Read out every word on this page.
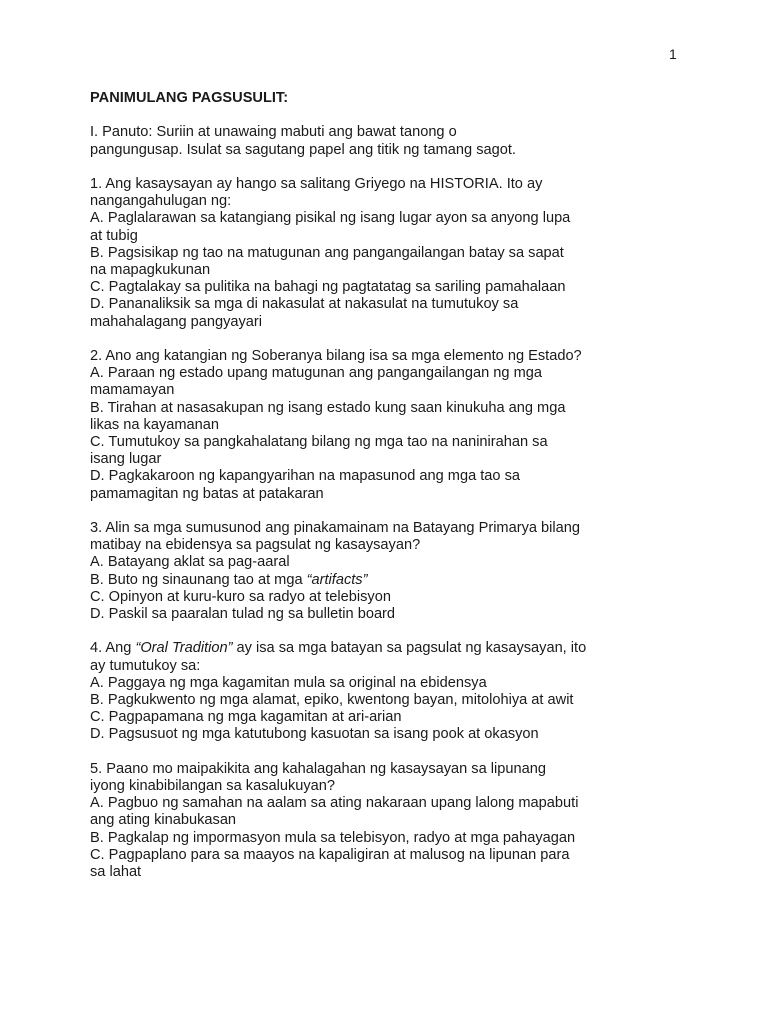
1
PANIMULANG PAGSUSULIT:
I. Panuto: Suriin at unawaing mabuti ang bawat tanong o
pangungusap. Isulat sa sagutang papel ang titik ng tamang sagot.
1. Ang kasaysayan ay hango sa salitang Griyego na HISTORIA. Ito ay
nangangahulugan ng:
A. Paglalarawan sa katangiang pisikal ng isang lugar ayon sa anyong lupa
at tubig
B. Pagsisikap ng tao na matugunan ang pangangailangan batay sa sapat
na mapagkukunan
C. Pagtalakay sa pulitika na bahagi ng pagtatatag sa sariling pamahalaan
D. Pananaliksik sa mga di nakasulat at nakasulat na tumutukoy sa
mahahalagang pangyayari
2. Ano ang katangian ng Soberanya bilang isa sa mga elemento ng Estado?
A. Paraan ng estado upang matugunan ang pangangailangan ng mga
mamamayan
B. Tirahan at nasasakupan ng isang estado kung saan kinukuha ang mga
likas na kayamanan
C. Tumutukoy sa pangkahalatang bilang ng mga tao na naninirahan sa
isang lugar
D. Pagkakaroon ng kapangyarihan na mapasunod ang mga tao sa
pamamagitan ng batas at patakaran
3. Alin sa mga sumusunod ang pinakamainam na Batayang Primarya bilang
matibay na ebidensya sa pagsulat ng kasaysayan?
A. Batayang aklat sa pag-aaral
B. Buto ng sinaunang tao at mga “artifacts”
C. Opinyon at kuru-kuro sa radyo at telebisyon
D. Paskil sa paaralan tulad ng sa bulletin board
4. Ang “Oral Tradition” ay isa sa mga batayan sa pagsulat ng kasaysayan, ito
ay tumutukoy sa:
A. Paggaya ng mga kagamitan mula sa original na ebidensya
B. Pagkukwento ng mga alamat, epiko, kwentong bayan, mitolohiya at awit
C. Pagpapamana ng mga kagamitan at ari-arian
D. Pagsusuot ng mga katutubong kasuotan sa isang pook at okasyon
5. Paano mo maipakikita ang kahalagahan ng kasaysayan sa lipunang
iyong kinabibilangan sa kasalukuyan?
A. Pagbuo ng samahan na aalam sa ating nakaraan upang lalong mapabuti
ang ating kinabukasan
B. Pagkalap ng impormasyon mula sa telebisyon, radyo at mga pahayagan
C. Pagpaplano para sa maayos na kapaligiran at malusog na lipunan para
sa lahat
